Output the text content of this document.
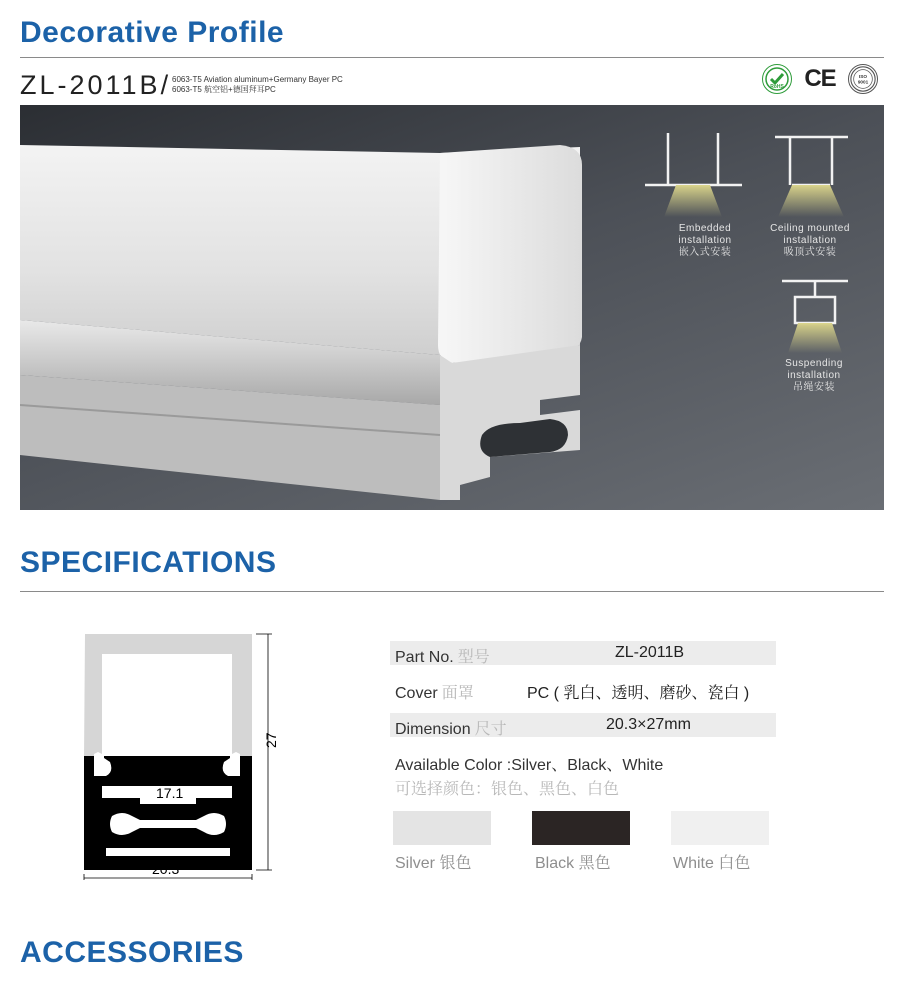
Decorative Profile
ZL-2011B/ 6063-T5 Aviation aluminum+Germany Bayer PC
6063-T5 航空铝+德国拜耳PC	RoHS CE	ISO
9001
Embedded
installation
嵌入式安装
Ceiling mounted
installation
吸顶式安装
Suspending
installation
吊绳安装
SPECIFICATIONS
27
17.1
20.3
Part No. 型号	ZL-2011B
Cover 面罩	PC ( 乳白、透明、磨砂、瓷白 )
Dimension 尺寸	20.3×27mm
Available Color :Silver、Black、White
可选择颜色：银色、黑色、白色
Silver 银色	Black 黑色	White 白色
ACCESSORIES
